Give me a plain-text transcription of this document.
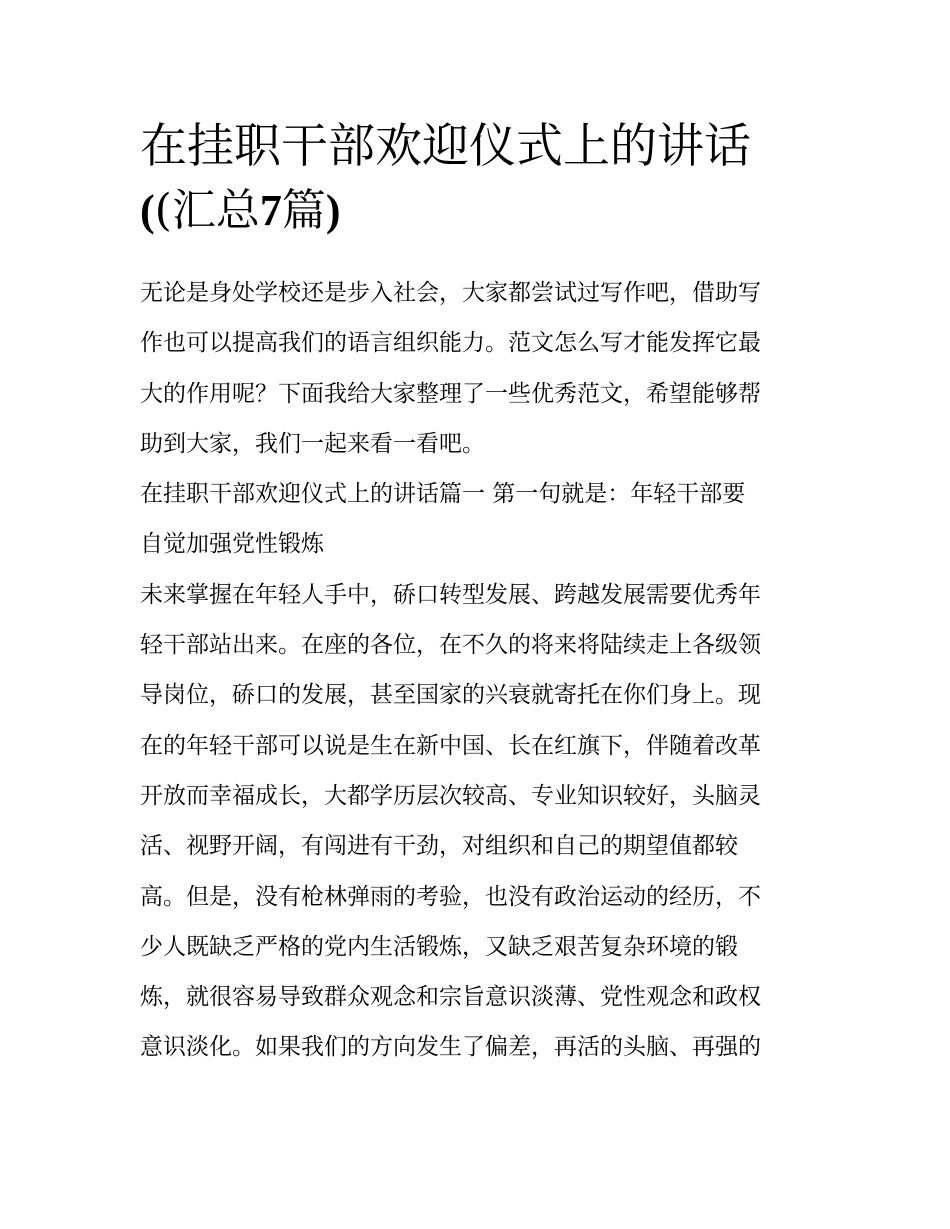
在挂职干部欢迎仪式上的讲话
((汇总7篇)
无论是身处学校还是步入社会，大家都尝试过写作吧，借助写
作也可以提高我们的语言组织能力。范文怎么写才能发挥它最
大的作用呢？下面我给大家整理了一些优秀范文，希望能够帮
助到大家，我们一起来看一看吧。
在挂职干部欢迎仪式上的讲话篇一 第一句就是：年轻干部要
自觉加强党性锻炼
未来掌握在年轻人手中，硚口转型发展、跨越发展需要优秀年
轻干部站出来。在座的各位，在不久的将来将陆续走上各级领
导岗位，硚口的发展，甚至国家的兴衰就寄托在你们身上。现
在的年轻干部可以说是生在新中国、长在红旗下，伴随着改革
开放而幸福成长，大都学历层次较高、专业知识较好，头脑灵
活、视野开阔，有闯进有干劲，对组织和自己的期望值都较
高。但是，没有枪林弹雨的考验，也没有政治运动的经历，不
少人既缺乏严格的党内生活锻炼，又缺乏艰苦复杂环境的锻
炼，就很容易导致群众观念和宗旨意识淡薄、党性观念和政权
意识淡化。如果我们的方向发生了偏差，再活的头脑、再强的
